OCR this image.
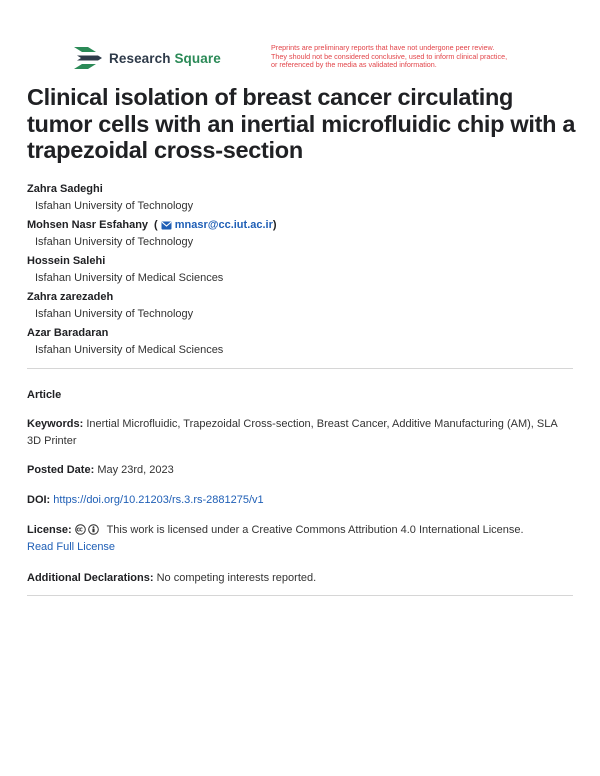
Research Square
Preprints are preliminary reports that have not undergone peer review.
They should not be considered conclusive, used to inform clinical practice,
or referenced by the media as validated information.
Clinical isolation of breast cancer circulating tumor cells with an inertial microfluidic chip with a trapezoidal cross-section
Zahra Sadeghi
Isfahan University of Technology
Mohsen Nasr Esfahany ( mnasr@cc.iut.ac.ir )
Isfahan University of Technology
Hossein Salehi
Isfahan University of Medical Sciences
Zahra zarezadeh
Isfahan University of Technology
Azar Baradaran
Isfahan University of Medical Sciences
Article
Keywords: Inertial Microfluidic, Trapezoidal Cross-section, Breast Cancer, Additive Manufacturing (AM), SLA 3D Printer
Posted Date: May 23rd, 2023
DOI: https://doi.org/10.21203/rs.3.rs-2881275/v1
License:	This work is licensed under a Creative Commons Attribution 4.0 International License.
Read Full License
Additional Declarations: No competing interests reported.
